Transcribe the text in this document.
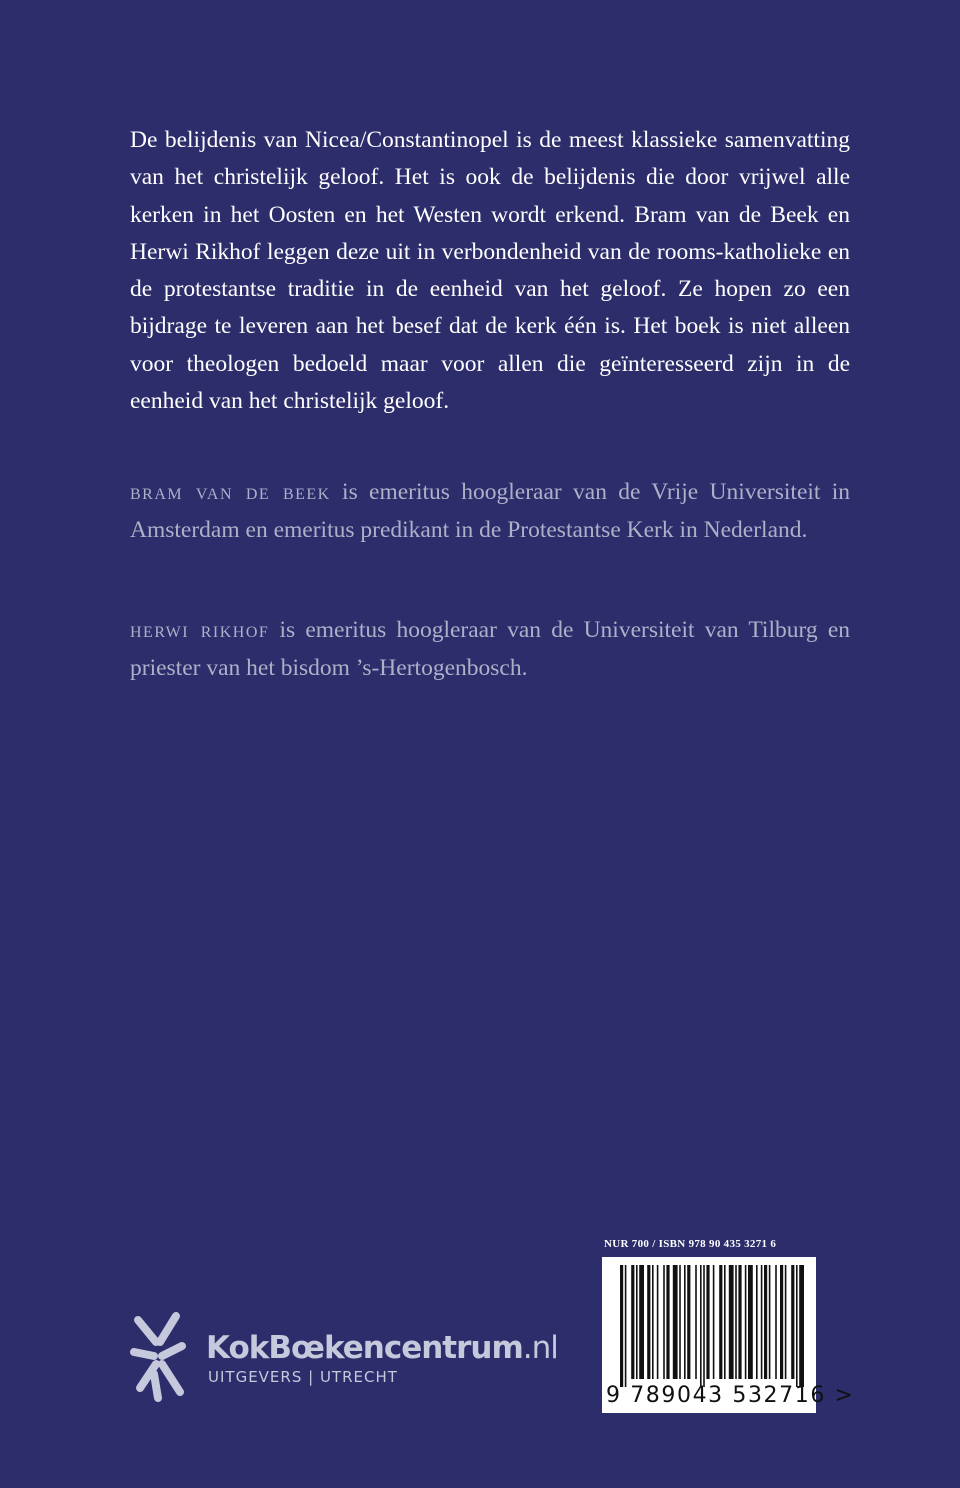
De belijdenis van Nicea/Constantinopel is de meest klassieke samenvatting van het christelijk geloof. Het is ook de belijdenis die door vrijwel alle kerken in het Oosten en het Westen wordt erkend. Bram van de Beek en Herwi Rikhof leggen deze uit in verbondenheid van de rooms-katholieke en de protestantse traditie in de eenheid van het geloof. Ze hopen zo een bijdrage te leveren aan het besef dat de kerk één is. Het boek is niet alleen voor theologen bedoeld maar voor allen die geïnteresseerd zijn in de eenheid van het christelijk geloof.

bram van de beek is emeritus hoogleraar van de Vrije Universiteit in Amsterdam en emeritus predikant in de Protestantse Kerk in Nederland.

herwi rikhof is emeritus hoogleraar van de Universiteit van Tilburg en priester van het bisdom ’s-Hertogenbosch.

KokBœkencentrum.nl
UITGEVERS | UTRECHT
NUR 700 / ISBN 978 90 435 3271 6
9 789043 532716 >
